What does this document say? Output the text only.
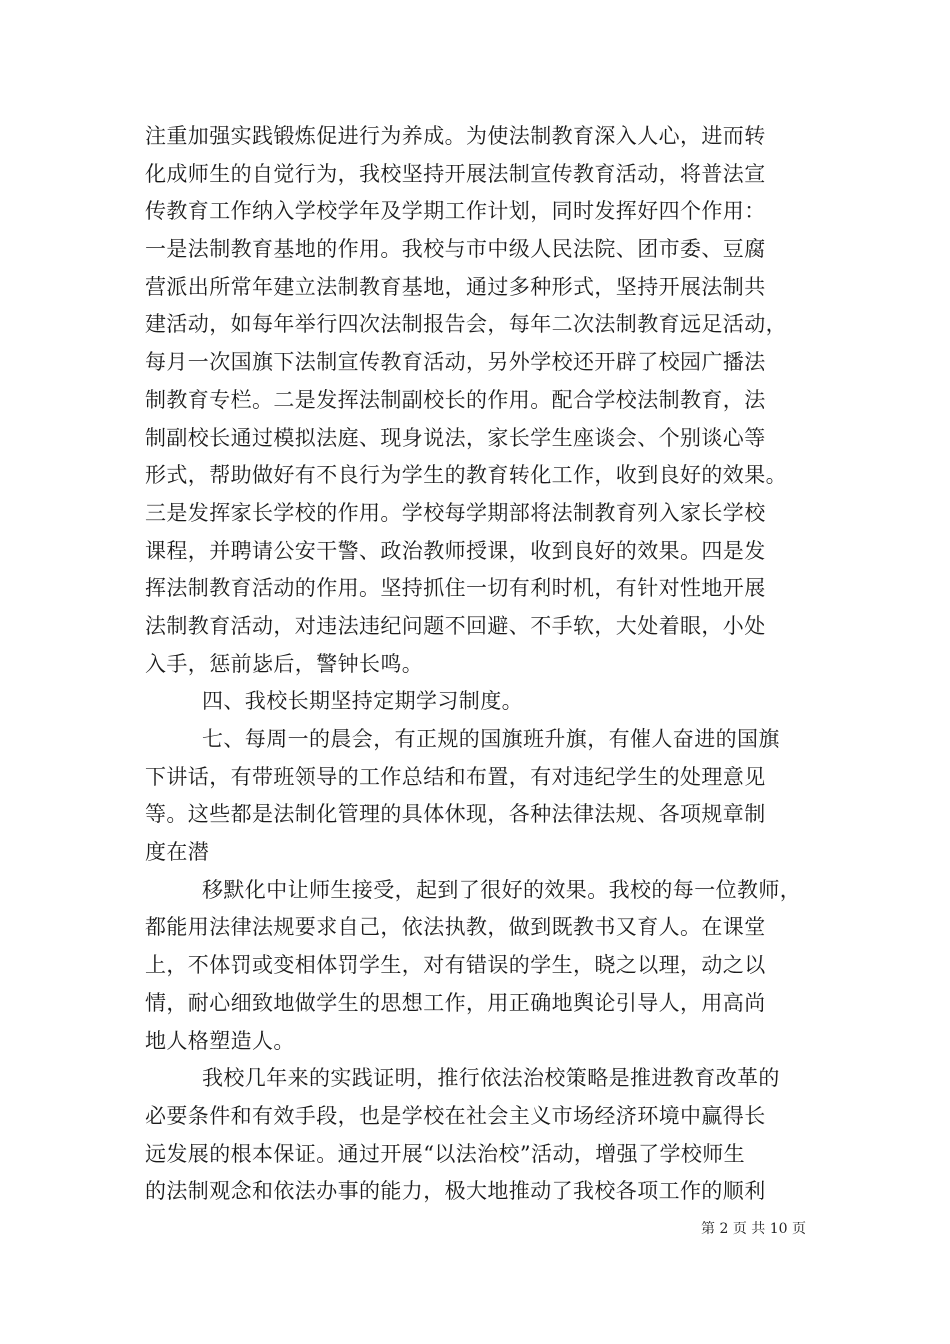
注重加强实践锻炼促进行为养成。为使法制教育深入人心，进而转
化成师生的自觉行为，我校坚持开展法制宣传教育活动，将普法宣
传教育工作纳入学校学年及学期工作计划，同时发挥好四个作用：
一是法制教育基地的作用。我校与市中级人民法院、团市委、豆腐
营派出所常年建立法制教育基地，通过多种形式，坚持开展法制共
建活动，如每年举行四次法制报告会，每年二次法制教育远足活动，
每月一次国旗下法制宣传教育活动，另外学校还开辟了校园广播法
制教育专栏。二是发挥法制副校长的作用。配合学校法制教育，法
制副校长通过模拟法庭、现身说法，家长学生座谈会、个别谈心等
形式，帮助做好有不良行为学生的教育转化工作，收到良好的效果。
三是发挥家长学校的作用。学校每学期部将法制教育列入家长学校
课程，并聘请公安干警、政治教师授课，收到良好的效果。四是发
挥法制教育活动的作用。坚持抓住一切有利时机，有针对性地开展
法制教育活动，对违法违纪问题不回避、不手软，大处着眼，小处
入手，惩前毖后，警钟长鸣。
四、我校长期坚持定期学习制度。
七、每周一的晨会，有正规的国旗班升旗，有催人奋进的国旗
下讲话，有带班领导的工作总结和布置，有对违纪学生的处理意见
等。这些都是法制化管理的具体休现，各种法律法规、各项规章制
度在潜
移默化中让师生接受，起到了很好的效果。我校的每一位教师，
都能用法律法规要求自己，依法执教，做到既教书又育人。在课堂
上，不体罚或变相体罚学生，对有错误的学生，晓之以理，动之以
情，耐心细致地做学生的思想工作，用正确地舆论引导人，用高尚
地人格塑造人。
我校几年来的实践证明，推行依法治校策略是推进教育改革的
必要条件和有效手段，也是学校在社会主义市场经济环境中赢得长
远发展的根本保证。通过开展“以法治校”活动，增强了学校师生
的法制观念和依法办事的能力，极大地推动了我校各项工作的顺利
第 2 页 共 10 页
